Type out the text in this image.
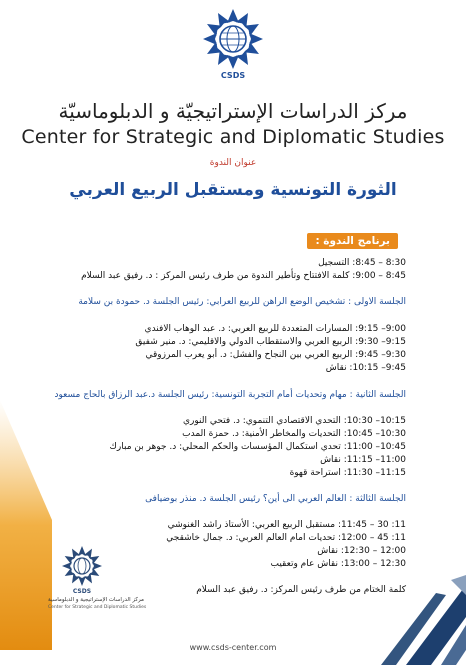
CSDS
مركز الدراسات الإستراتيجيّة و الدبلوماسيّة
Center for Strategic and Diplomatic Studies
عنوان الندوة
الثورة التونسية ومستقبل الربيع العربي
برنامج الندوة :
8:30 – 8:45: التسجيل
8:45 – 9:00: كلمة الافتتاح وتأطير الندوة من طرف رئيس المركز : د. رفيق عبد السلام
الجلسة الاولى : تشخيص الوضع الراهن للربيع العرابي: رئيس الجلسة د. حمودة بن سلامة
9:00– 9:15: المسارات المتعددة للربيع العربي: د. عبد الوهاب الافندي
9:15– 9:30: الربيع العربي والاستقطاب الدولي والاقليمي: د. منير شفيق
9:30– 9:45: الربيع العربي بين النجاح والفشل: د. أبو يعرب المرزوقي
9:45– 10:15: نقاش
الجلسة الثانية : مهام وتحديات أمام التجربة التونسية: رئيس الجلسة د.عبد الرزاق بالحاج مسعود
10:15– 10:30: التحدي الاقتصادي التنموي: د. فتحي النوري
10:30– 10:45: التحديات والمخاطر الأمنية: د. حمزة المدب
10:45– 11:00: تحدي استكمال المؤسسات والحكم المحلي: د. جوهر بن مبارك
11:00– 11:15: نقاش
11:15– 11:30: استراحة قهوة
الجلسة الثالثة : العالم العربي الى أين؟ رئيس الجلسة د. منذر بوضيافى
11: 30 – 11:45: مستقبل الربيع العربي: الأستاذ راشد الغنوشي
11: 45 – 12:00: تحديات امام العالم العربي: د. جمال خاشقجي
12:00 – 12:30: نقاش
12:30 – 13:00: نقاش عام وتعقيب
كلمة الختام من طرف رئيس المركز: د. رفيق عبد السلام
CSDS
مركز الدراسات الإستراتيجية و الدبلوماسية
Center for Strategic and Diplomatic Studies
www.csds-center.com
